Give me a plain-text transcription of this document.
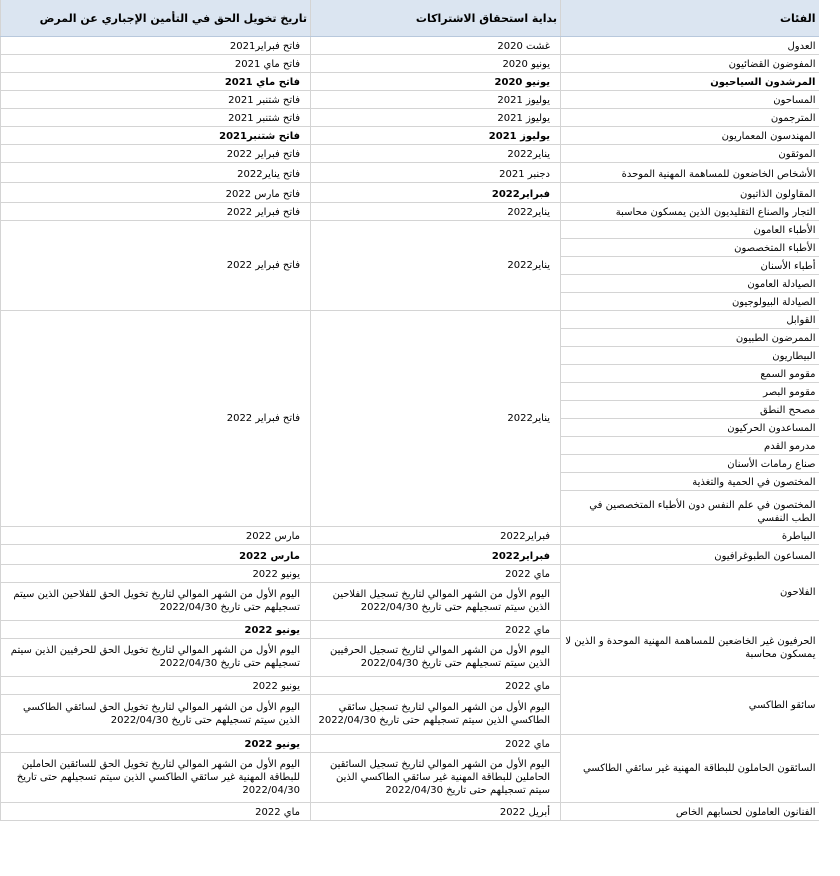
الفئات	بداية استحقاق الاشتراكات	تاريخ تخويل الحق في التأمين الإجباري عن المرض
العدول	غشت 2020	فاتح فبراير2021
المفوضون القضائيون	يونيو 2020	فاتح ماي 2021
المرشدون السياحيون	يونيو 2020	فاتح ماي 2021
المساحون	يوليوز 2021	فاتح شتنبر 2021
المترجمون	يوليوز 2021	فاتح شتنبر 2021
المهندسون المعماريون	يوليوز 2021	فاتح شتنبر2021
الموثقون	يناير2022	فاتح فبراير 2022
الأشخاص الخاضعون للمساهمة المهنية الموحدة	دجنبر 2021	فاتح يناير2022
المقاولون الذاتيون	فبراير2022	فاتح مارس 2022
التجار والصناع التقليديون الذين يمسكون محاسبة	يناير2022	فاتح فبراير 2022
الأطباء العامون	يناير2022	فاتح فبراير 2022
الأطباء المتخصصون		
أطباء الأسنان		
الصيادلة العامون		
الصيادلة البيولوجيون		
القوابل	يناير2022	فاتح فبراير 2022
الممرضون الطبيون		
البيطاريون		
مقومو السمع		
مقومو البصر		
مصحح النطق		
المساعدون الحركيون		
مدرمو القدم		
صناع رمامات الأسنان		
المختصون في الحمية والتغذية		
المختصون في علم النفس دون الأطباء المتخصصين في الطب النفسي		
البياطرة	فبراير2022	مارس 2022
المساعون الطبوغرافيون	فبراير2022	مارس 2022
الفلاحون	ماي 2022	يونيو 2022
	اليوم الأول من الشهر الموالي لتاريخ تسجيل الفلاحين الذين سيتم تسجيلهم حتى تاريخ 2022/04/30	اليوم الأول من الشهر الموالي لتاريخ تخويل الحق للفلاحين الذين سيتم تسجيلهم حتى تاريخ 2022/04/30
الحرفيون غير الخاضعين للمساهمة المهنية الموحدة و الذين لا يمسكون محاسبة	ماي 2022	يونيو 2022
	اليوم الأول من الشهر الموالي لتاريخ تسجيل الحرفيين الذين سيتم تسجيلهم حتى تاريخ 2022/04/30	اليوم الأول من الشهر الموالي لتاريخ تخويل الحق للحرفيين الذين سيتم تسجيلهم حتى تاريخ 2022/04/30
سائقو الطاكسي	ماي 2022	يونيو 2022
	اليوم الأول من الشهر الموالي لتاريخ تسجيل سائقي الطاكسي الذين سيتم تسجيلهم حتى تاريخ 2022/04/30	اليوم الأول من الشهر الموالي لتاريخ تخويل الحق لسائقي الطاكسي الذين سيتم تسجيلهم حتى تاريخ 2022/04/30
السائقون الحاملون للبطاقة المهنية غير سائقي الطاكسي	ماي 2022	يونيو 2022
	اليوم الأول من الشهر الموالي لتاريخ تسجيل السائقين الحاملين للبطاقة المهنية غير سائقي الطاكسي الذين سيتم تسجيلهم حتى تاريخ 2022/04/30	اليوم الأول من الشهر الموالي لتاريخ تخويل الحق للسائقين الحاملين للبطاقة المهنية غير سائقي الطاكسي الذين سيتم تسجيلهم حتى تاريخ 2022/04/30
الفنانون العاملون لحسابهم الخاص	أبريل 2022	ماي 2022
